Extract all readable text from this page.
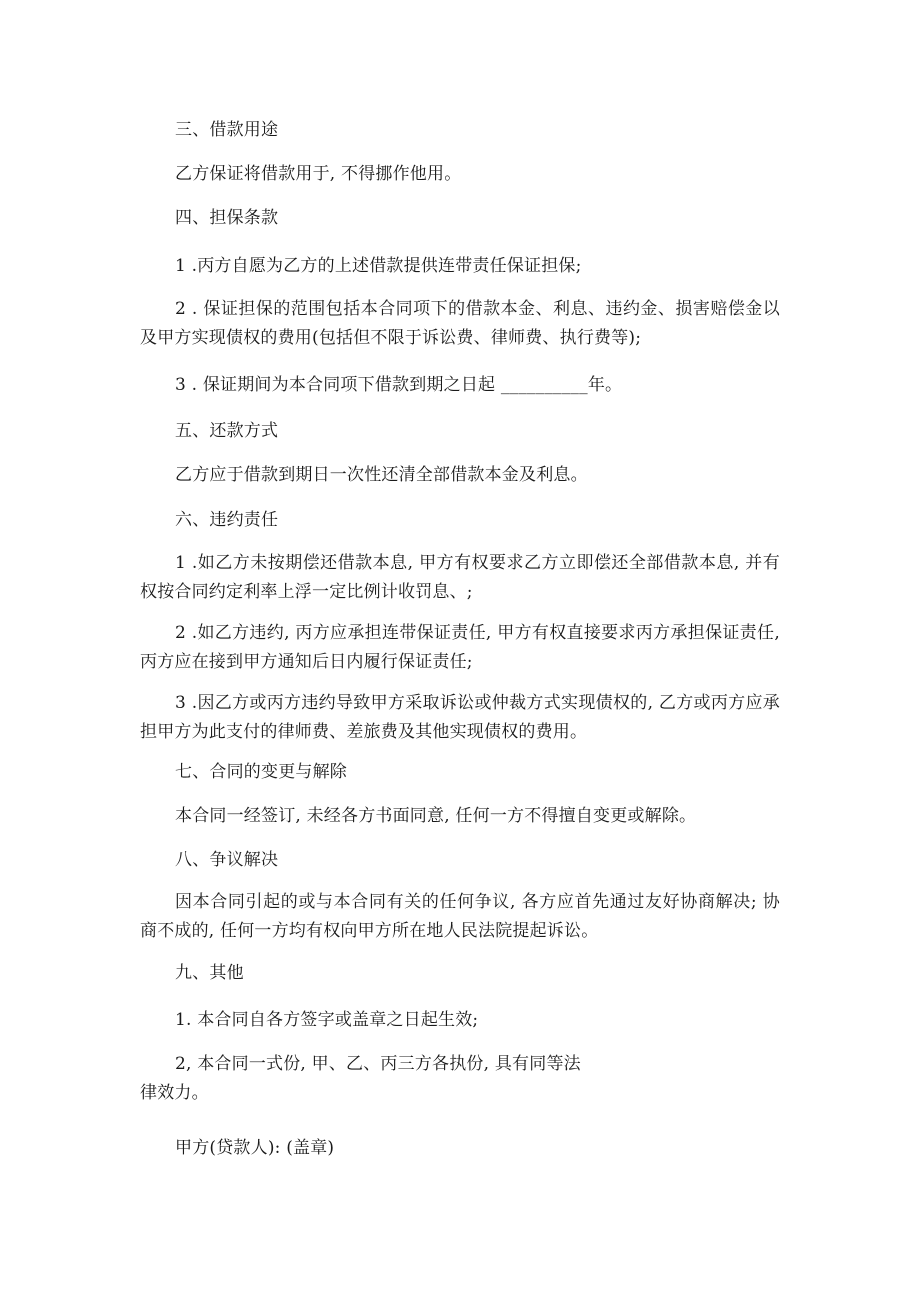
三、借款用途
乙方保证将借款用于, 不得挪作他用。
四、担保条款
1 .丙方自愿为乙方的上述借款提供连带责任保证担保;
2 . 保证担保的范围包括本合同项下的借款本金、利息、违约金、损害赔偿金以及甲方实现债权的费用(包括但不限于诉讼费、律师费、执行费等);
3 . 保证期间为本合同项下借款到期之日起 __________年。
五、还款方式
乙方应于借款到期日一次性还清全部借款本金及利息。
六、违约责任
1 .如乙方未按期偿还借款本息, 甲方有权要求乙方立即偿还全部借款本息, 并有权按合同约定利率上浮一定比例计收罚息、;
2 .如乙方违约, 丙方应承担连带保证责任, 甲方有权直接要求丙方承担保证责任, 丙方应在接到甲方通知后日内履行保证责任;
3 .因乙方或丙方违约导致甲方采取诉讼或仲裁方式实现债权的, 乙方或丙方应承担甲方为此支付的律师费、差旅费及其他实现债权的费用。
七、合同的变更与解除
本合同一经签订, 未经各方书面同意, 任何一方不得擅自变更或解除。
八、争议解决
因本合同引起的或与本合同有关的任何争议, 各方应首先通过友好协商解决; 协商不成的, 任何一方均有权向甲方所在地人民法院提起诉讼。
九、其他
1. 本合同自各方签字或盖章之日起生效;
2, 本合同一式份, 甲、乙、丙三方各执份, 具有同等法
律效力。
甲方(贷款人): (盖章)
